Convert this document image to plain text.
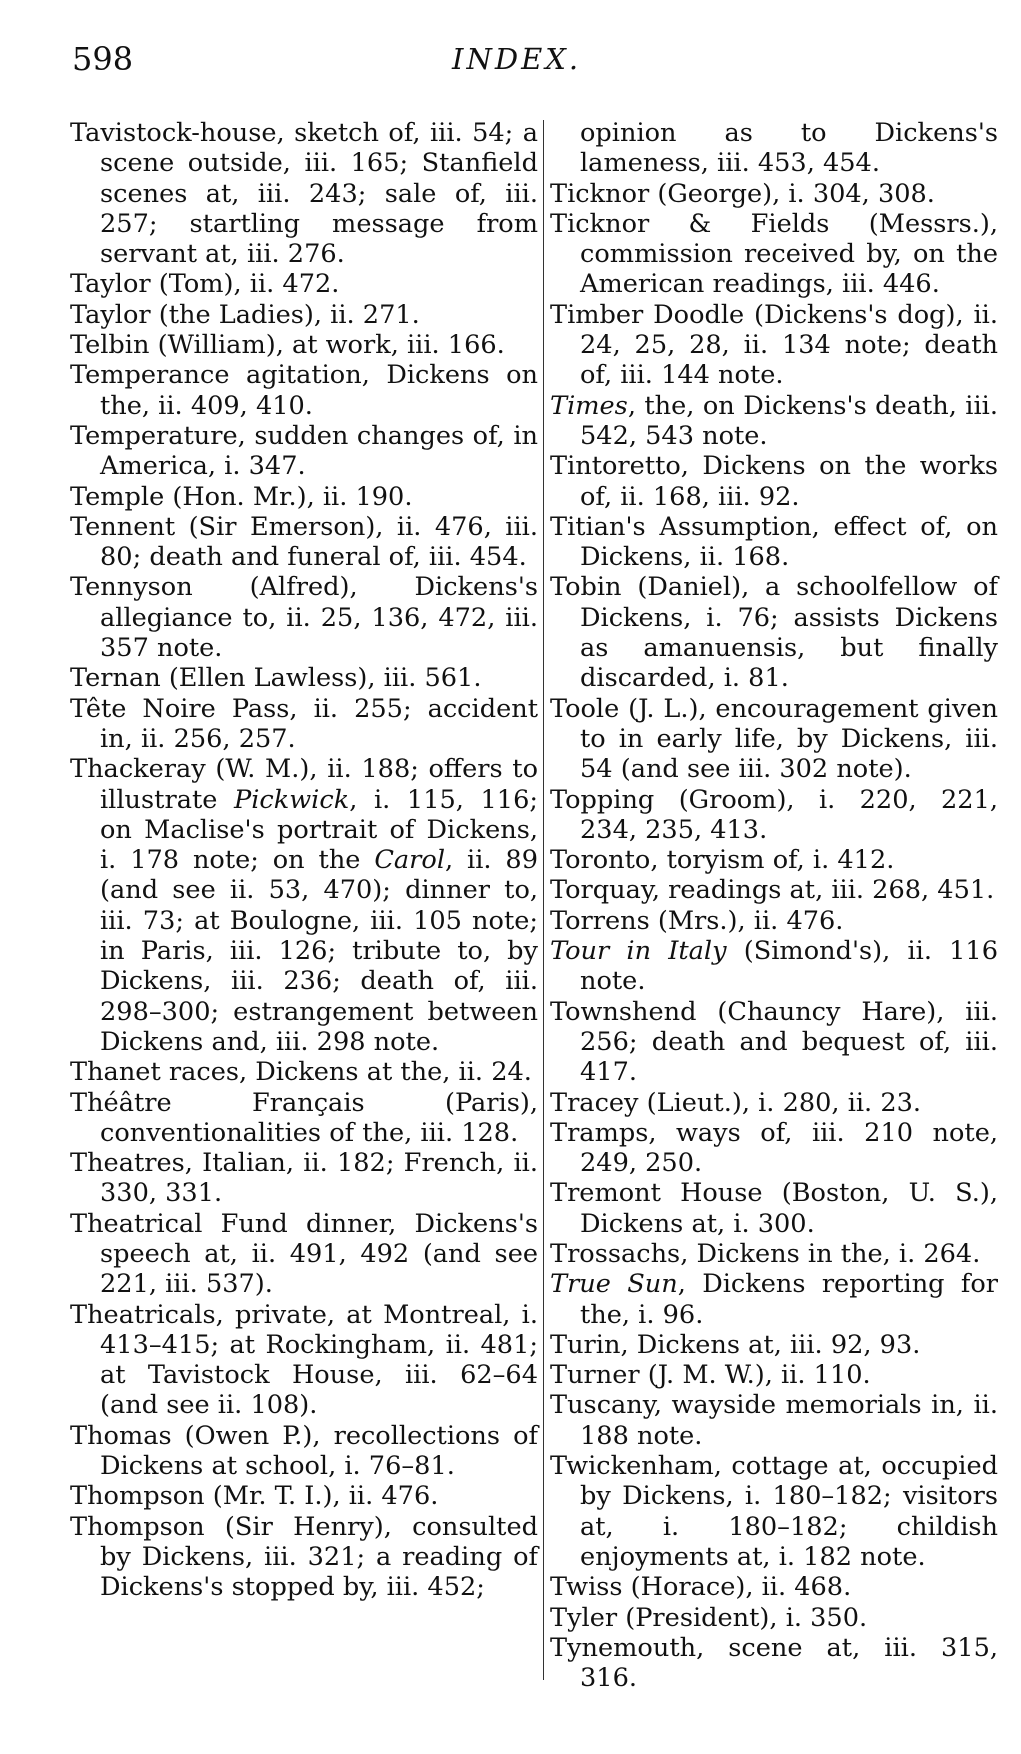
598	INDEX.
Tavistock-house, sketch of, iii. 54; a scene outside, iii. 165; Stanfield scenes at, iii. 243; sale of, iii. 257; startling message from servant at, iii. 276.
Taylor (Tom), ii. 472.
Taylor (the Ladies), ii. 271.
Telbin (William), at work, iii. 166.
Temperance agitation, Dickens on the, ii. 409, 410.
Temperature, sudden changes of, in America, i. 347.
Temple (Hon. Mr.), ii. 190.
Tennent (Sir Emerson), ii. 476, iii. 80; death and funeral of, iii. 454.
Tennyson (Alfred), Dickens's allegiance to, ii. 25, 136, 472, iii. 357 note.
Ternan (Ellen Lawless), iii. 561.
Tête Noire Pass, ii. 255; accident in, ii. 256, 257.
Thackeray (W. M.), ii. 188; offers to illustrate Pickwick, i. 115, 116; on Maclise's portrait of Dickens, i. 178 note; on the Carol, ii. 89 (and see ii. 53, 470); dinner to, iii. 73; at Boulogne, iii. 105 note; in Paris, iii. 126; tribute to, by Dickens, iii. 236; death of, iii. 298–300; estrangement between Dickens and, iii. 298 note.
Thanet races, Dickens at the, ii. 24.
Théâtre Français (Paris), conventionalities of the, iii. 128.
Theatres, Italian, ii. 182; French, ii. 330, 331.
Theatrical Fund dinner, Dickens's speech at, ii. 491, 492 (and see 221, iii. 537).
Theatricals, private, at Montreal, i. 413–415; at Rockingham, ii. 481; at Tavistock House, iii. 62–64 (and see ii. 108).
Thomas (Owen P.), recollections of Dickens at school, i. 76–81.
Thompson (Mr. T. I.), ii. 476.
Thompson (Sir Henry), consulted by Dickens, iii. 321; a reading of Dickens's stopped by, iii. 452;
opinion as to Dickens's lameness, iii. 453, 454.
Ticknor (George), i. 304, 308.
Ticknor & Fields (Messrs.), commission received by, on the American readings, iii. 446.
Timber Doodle (Dickens's dog), ii. 24, 25, 28, ii. 134 note; death of, iii. 144 note.
Times, the, on Dickens's death, iii. 542, 543 note.
Tintoretto, Dickens on the works of, ii. 168, iii. 92.
Titian's Assumption, effect of, on Dickens, ii. 168.
Tobin (Daniel), a schoolfellow of Dickens, i. 76; assists Dickens as amanuensis, but finally discarded, i. 81.
Toole (J. L.), encouragement given to in early life, by Dickens, iii. 54 (and see iii. 302 note).
Topping (Groom), i. 220, 221, 234, 235, 413.
Toronto, toryism of, i. 412.
Torquay, readings at, iii. 268, 451.
Torrens (Mrs.), ii. 476.
Tour in Italy (Simond's), ii. 116 note.
Townshend (Chauncy Hare), iii. 256; death and bequest of, iii. 417.
Tracey (Lieut.), i. 280, ii. 23.
Tramps, ways of, iii. 210 note, 249, 250.
Tremont House (Boston, U. S.), Dickens at, i. 300.
Trossachs, Dickens in the, i. 264.
True Sun, Dickens reporting for the, i. 96.
Turin, Dickens at, iii. 92, 93.
Turner (J. M. W.), ii. 110.
Tuscany, wayside memorials in, ii. 188 note.
Twickenham, cottage at, occupied by Dickens, i. 180–182; visitors at, i. 180–182; childish enjoyments at, i. 182 note.
Twiss (Horace), ii. 468.
Tyler (President), i. 350.
Tynemouth, scene at, iii. 315, 316.
